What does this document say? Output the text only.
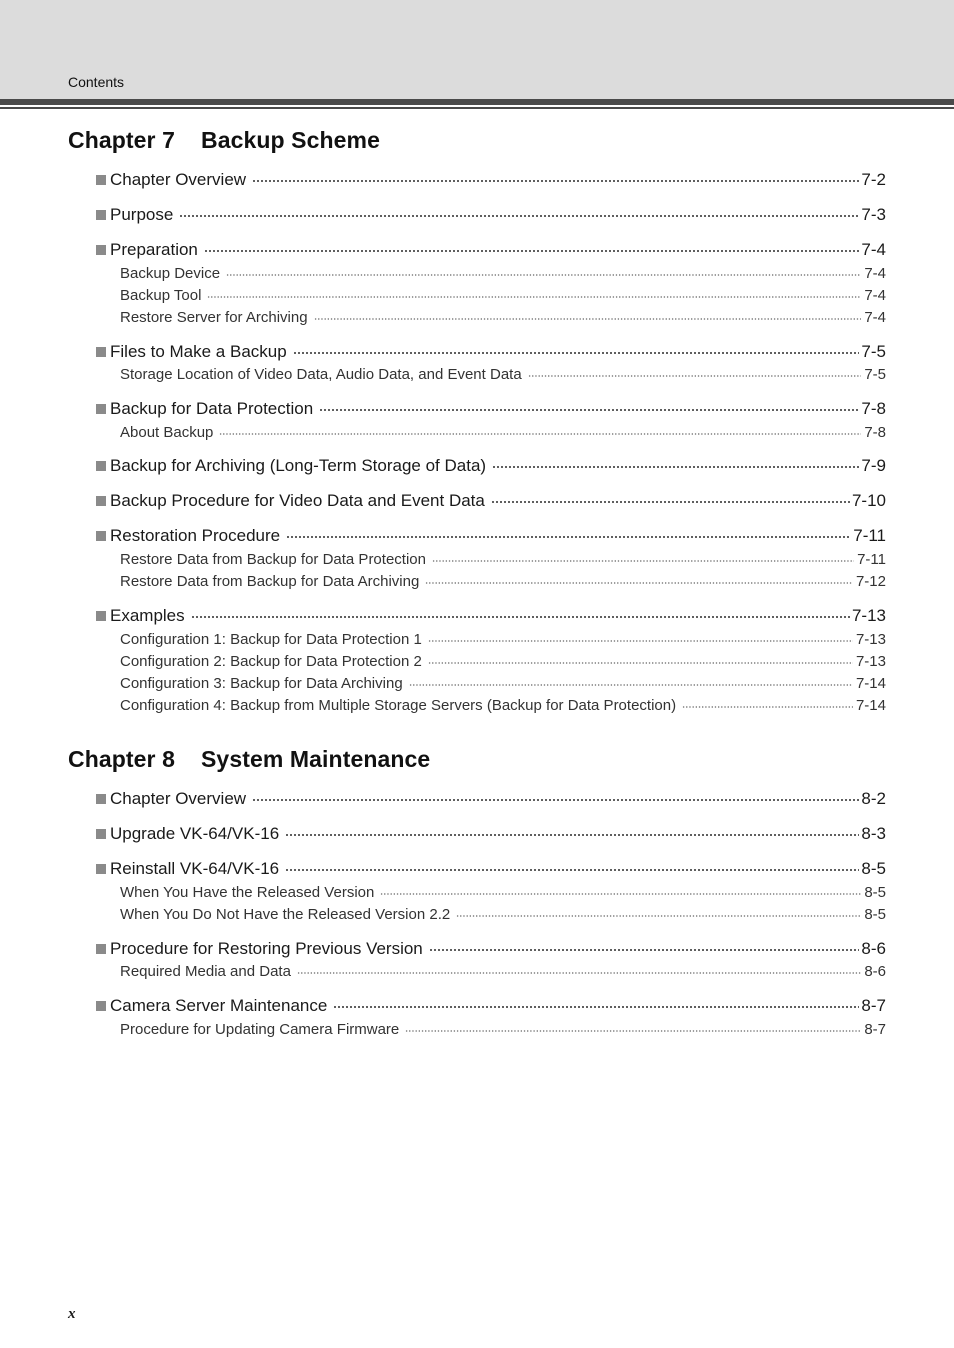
Contents
Chapter 7 Backup Scheme
Chapter Overview	7-2
Purpose	7-3
Preparation	7-4
Backup Device	7-4
Backup Tool	7-4
Restore Server for Archiving	7-4
Files to Make a Backup	7-5
Storage Location of Video Data, Audio Data, and Event Data	7-5
Backup for Data Protection	7-8
About Backup	7-8
Backup for Archiving (Long-Term Storage of Data)	7-9
Backup Procedure for Video Data and Event Data	7-10
Restoration Procedure	7-11
Restore Data from Backup for Data Protection	7-11
Restore Data from Backup for Data Archiving	7-12
Examples	7-13
Configuration 1: Backup for Data Protection 1	7-13
Configuration 2: Backup for Data Protection 2	7-13
Configuration 3: Backup for Data Archiving	7-14
Configuration 4: Backup from Multiple Storage Servers (Backup for Data Protection)	7-14
Chapter 8 System Maintenance
Chapter Overview	8-2
Upgrade VK-64/VK-16	8-3
Reinstall VK-64/VK-16	8-5
When You Have the Released Version	8-5
When You Do Not Have the Released Version 2.2	8-5
Procedure for Restoring Previous Version	8-6
Required Media and Data	8-6
Camera Server Maintenance	8-7
Procedure for Updating Camera Firmware	8-7
x
